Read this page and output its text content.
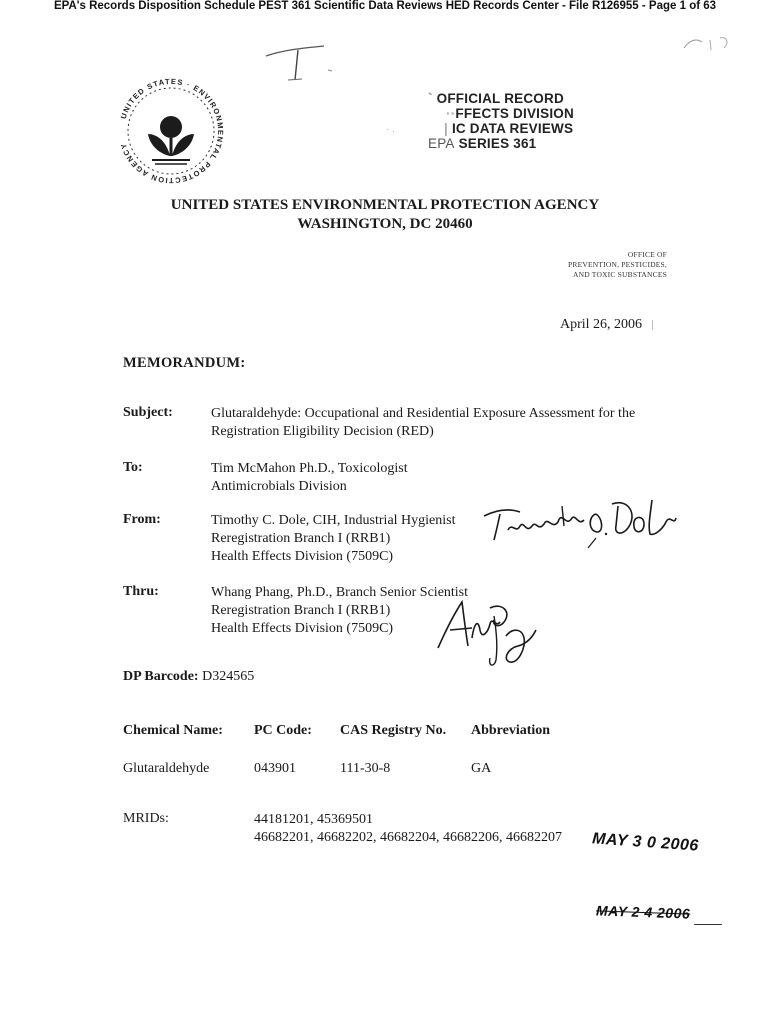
EPA's Records Disposition Schedule PEST 361 Scientific Data Reviews HED Records Center - File R126955 - Page 1 of 63
UNITED STATES · ENVIRONMENTAL PROTECTION AGENCY
` OFFICIAL RECORD
··FFECTS DIVISION
| IC DATA REVIEWS
EPA SERIES 361
· .
UNITED STATES ENVIRONMENTAL PROTECTION AGENCY
WASHINGTON, DC 20460
OFFICE OF
PREVENTION, PESTICIDES,
AND TOXIC SUBSTANCES
April 26, 2006
MEMORANDUM:
Subject:	Glutaraldehyde: Occupational and Residential Exposure Assessment for the
Registration Eligibility Decision (RED)
To:	Tim McMahon Ph.D., Toxicologist
Antimicrobials Division
From:	Timothy C. Dole, CIH, Industrial Hygienist
Reregistration Branch I (RRB1)
Health Effects Division (7509C)
Thru:	Whang Phang, Ph.D., Branch Senior Scientist
Reregistration Branch I (RRB1)
Health Effects Division (7509C)
DP Barcode: D324565
Chemical Name: PC Code: CAS Registry No. Abbreviation
Glutaraldehyde	043901	111-30-8	GA
MRIDs:	44181201, 45369501
46682201, 46682202, 46682204, 46682206, 46682207 MAY 3 0 2006
MAY 2 4 2006
